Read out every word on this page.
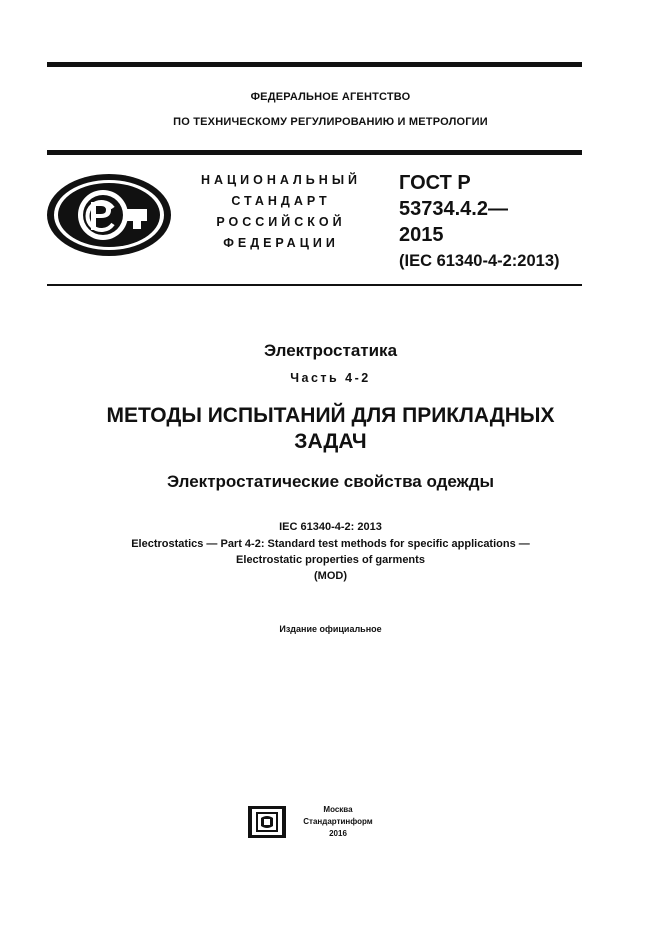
ФЕДЕРАЛЬНОЕ АГЕНТСТВО
ПО ТЕХНИЧЕСКОМУ РЕГУЛИРОВАНИЮ И МЕТРОЛОГИИ
НАЦИОНАЛЬНЫЙ
СТАНДАРТ
РОССИЙСКОЙ
ФЕДЕРАЦИИ
ГОСТ Р
53734.4.2—
2015
(IEC 61340-4-2:2013)
Электростатика
Часть 4-2
МЕТОДЫ ИСПЫТАНИЙ ДЛЯ ПРИКЛАДНЫХ
ЗАДАЧ
Электростатические свойства одежды
IEC 61340-4-2: 2013
Electrostatics — Part 4-2: Standard test methods for specific applications —
Electrostatic properties of garments
(MOD)
Издание официальное
Москва
Стандартинформ
2016
